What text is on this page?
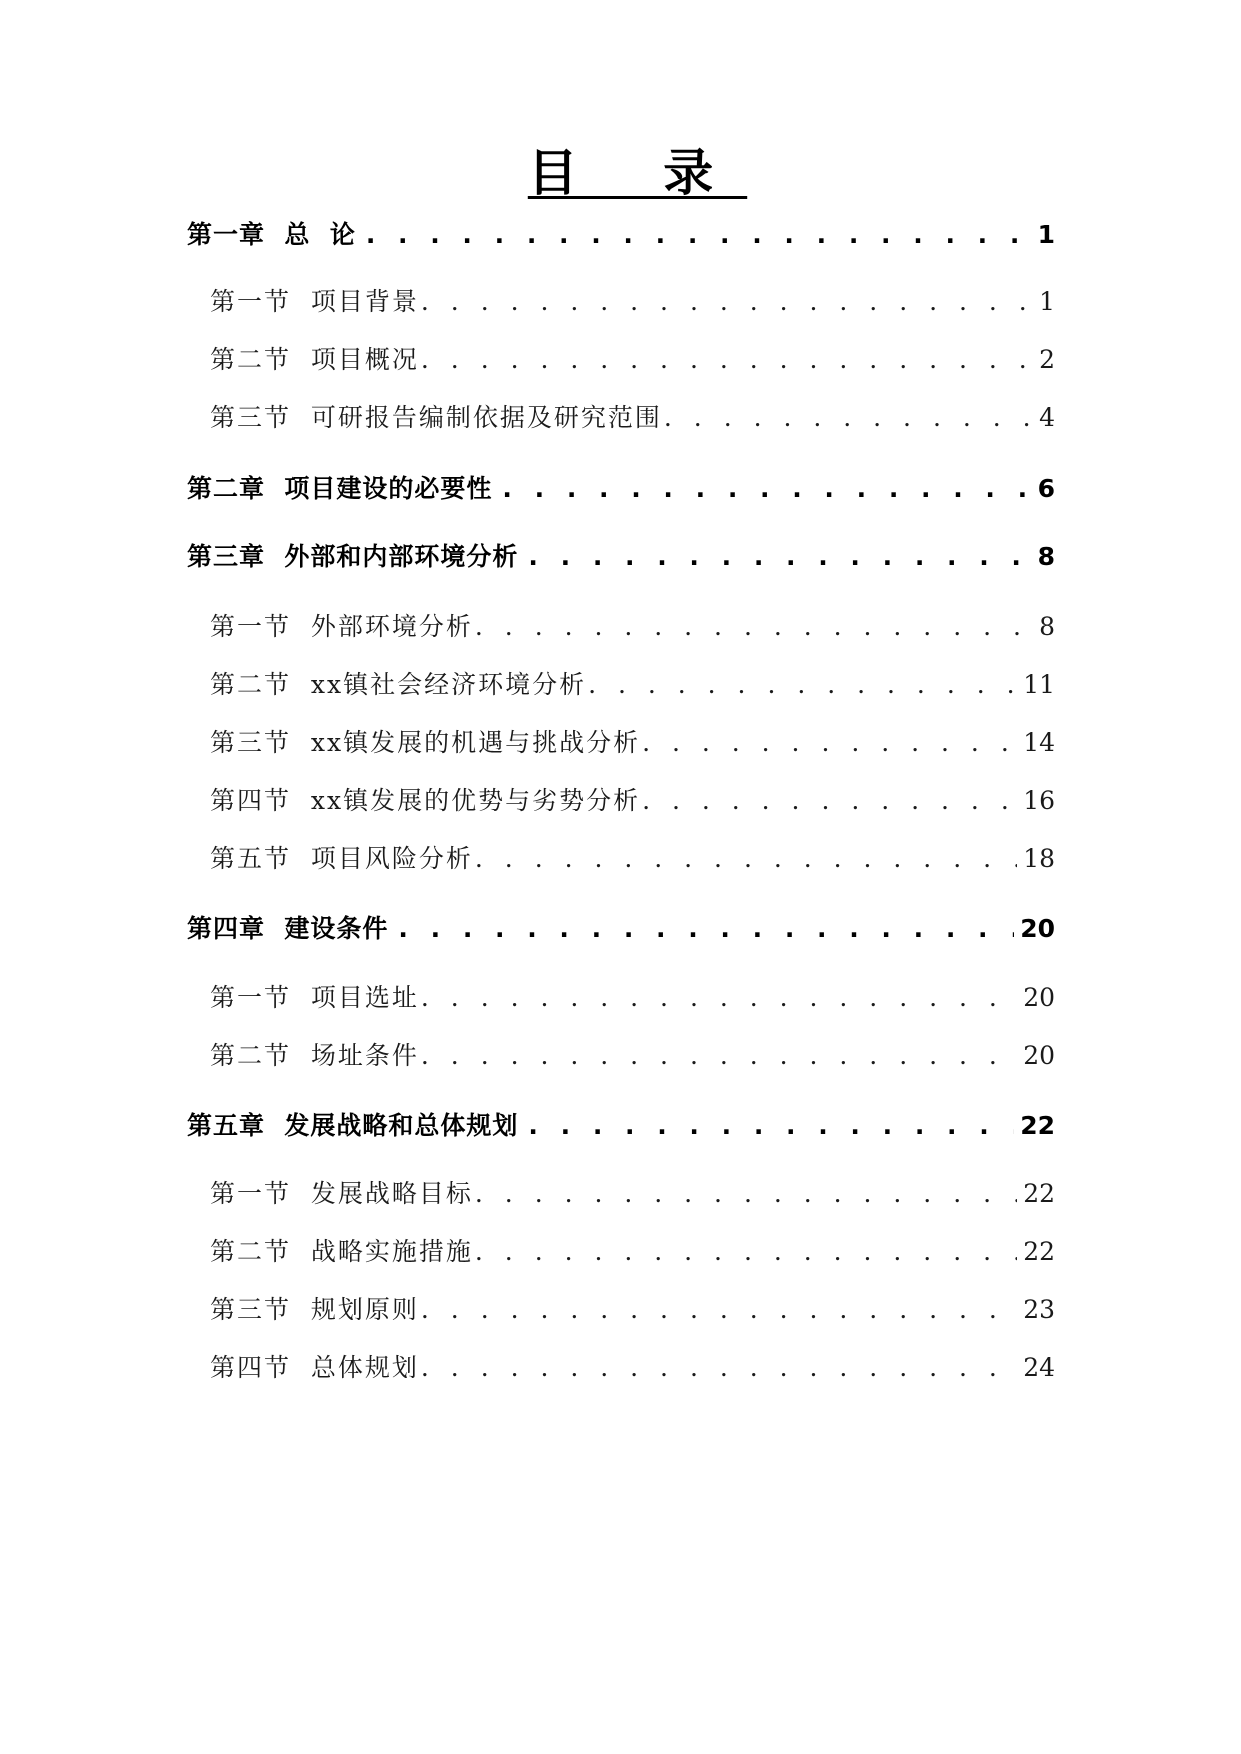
目 录
第一章  总  论 . . .	1
第一节  项目背景 . . .	1
第二节  项目概况 . . .	2
第三节  可研报告编制依据及研究范围 . . .	4
第二章  项目建设的必要性 . . .	6
第三章  外部和内部环境分析 . . .	8
第一节  外部环境分析 . . .	8
第二节  xx镇社会经济环境分析 . . .	11
第三节  xx镇发展的机遇与挑战分析 . . .	14
第四节  xx镇发展的优势与劣势分析 . . .	16
第五节  项目风险分析 . . .	18
第四章  建设条件 . . .	20
第一节  项目选址 . . .	20
第二节  场址条件 . . .	20
第五章  发展战略和总体规划 . . .	22
第一节  发展战略目标 . . .	22
第二节  战略实施措施 . . .	22
第三节  规划原则 . . .	23
第四节  总体规划 . . .	24
